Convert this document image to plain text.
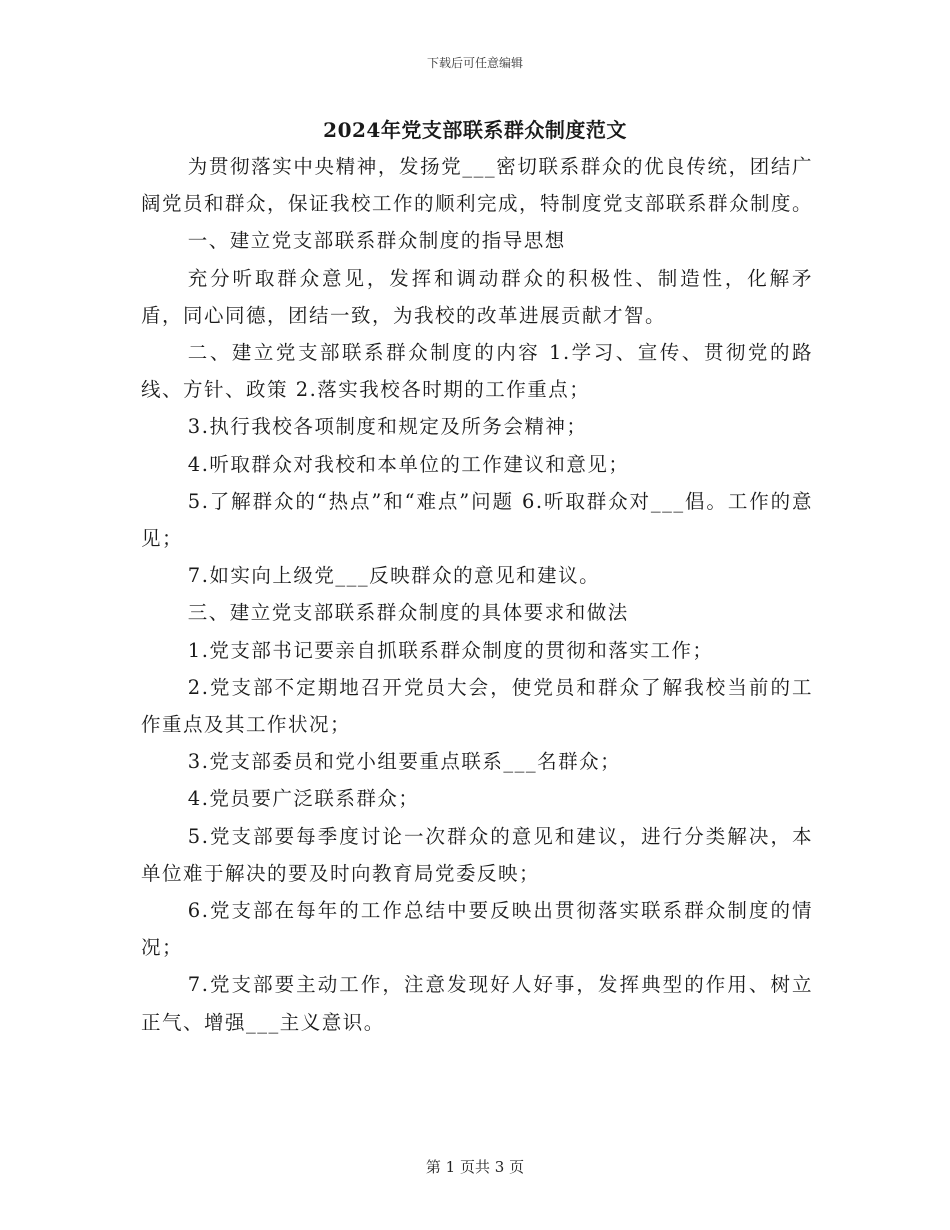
下载后可任意编辑
2024年党支部联系群众制度范文

为贯彻落实中央精神，发扬党___密切联系群众的优良传统，团结广阔党员和群众，保证我校工作的顺利完成，特制度党支部联系群众制度。

一、建立党支部联系群众制度的指导思想

充分听取群众意见，发挥和调动群众的积极性、制造性，化解矛盾，同心同德，团结一致，为我校的改革进展贡献才智。

二、建立党支部联系群众制度的内容 1.学习、宣传、贯彻党的路线、方针、政策 2.落实我校各时期的工作重点；

3.执行我校各项制度和规定及所务会精神；

4.听取群众对我校和本单位的工作建议和意见；

5.了解群众的“热点”和“难点”问题 6.听取群众对___倡。工作的意见；

7.如实向上级党___反映群众的意见和建议。

三、建立党支部联系群众制度的具体要求和做法

1.党支部书记要亲自抓联系群众制度的贯彻和落实工作；

2.党支部不定期地召开党员大会，使党员和群众了解我校当前的工作重点及其工作状况；

3.党支部委员和党小组要重点联系___名群众；

4.党员要广泛联系群众；

5.党支部要每季度讨论一次群众的意见和建议，进行分类解决，本单位难于解决的要及时向教育局党委反映；

6.党支部在每年的工作总结中要反映出贯彻落实联系群众制度的情况；

7.党支部要主动工作，注意发现好人好事，发挥典型的作用、树立正气、增强___主义意识。

第 1 页共 3 页
